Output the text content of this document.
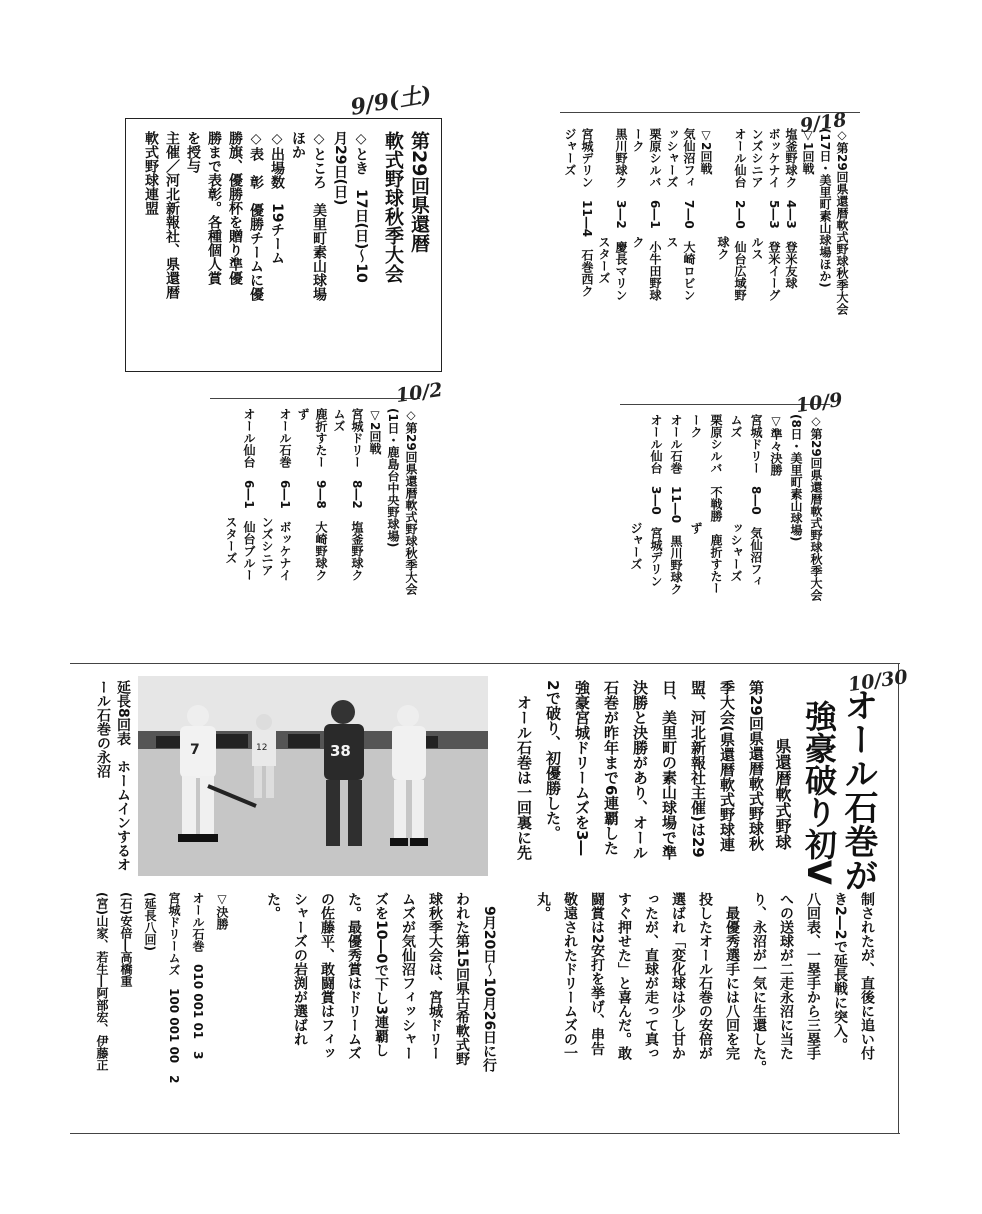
9/9(土)
第29回県還暦
軟式野球秋季大会
◇とき　17日(日)〜10
月29日(日)
◇ところ　美里町素山球場
ほか
◇出場数　19チーム
◇表　彰　優勝チームに優
勝旗、優勝杯を贈り準優
勝まで表彰。各種個人賞
を授与
主催／河北新報社、県還暦
軟式野球連盟
9/18
◇第29回県還暦軟式野球秋季大会
(17日・美里町素山球場ほか)
▽1回戦
塩釜野球ク　4―3　登米友球
ボッケナイ　5―3　登米イーグ
ンズシニア　　　　ルス
オール仙台　2―0　仙台広域野
　　　　　　　　　球ク
▽2回戦
気仙沼フィ　7―0　大崎ロビン
ッシャーズ　　　　ス
栗原シルバ　6―1　小牛田野球
ーク　　　　　　　ク
黒川野球ク　3―2　慶長マリン
　　　　　　　　　スターズ
宮城デリン　11―4　石巻西ク
ジャーズ
10/2
◇第29回県還暦軟式野球秋季大会
(1日・鹿島台中央野球場)
▽2回戦
宮城ドリー　8―2　塩釜野球ク
ムズ
鹿折すたー　9―8　大崎野球ク
ず
オール石巻　6―1　ボッケナイ
　　　　　　　　　ンズシニア
オール仙台　6―1　仙台ブルー
　　　　　　　　　スターズ
10/9
◇第29回県還暦軟式野球秋季大会
(8日・美里町素山球場)
▽準々決勝
宮城ドリー　8―0　気仙沼フィ
ムズ　　　　　　　ッシャーズ
栗原シルバ　不戦勝　鹿折すたー
ーク　　　　　　　ず
オール石巻　11―0　黒川野球ク
オール仙台　3―0　宮城デリン
　　　　　　　　　ジャーズ
10/30
オール石巻が
強豪破り初V
県還暦軟式野球
第29回県還暦軟式野球秋
季大会(県還暦軟式野球連
盟、河北新報社主催)は29
日、美里町の素山球場で準
決勝と決勝があり、オール
石巻が昨年まで6連覇した
強豪宮城ドリームズを3―
2で破り、初優勝した。
　オール石巻は一回裏に先
7	12	38
延長8回表　ホームインするオ
ール石巻の永沼
制されたが、直後に追い付
き2―2で延長戦に突入。
八回表、一塁手から三塁手
への送球が二走永沼に当た
り、永沼が一気に生還した。
　最優秀選手には八回を完
投したオール石巻の安倍が
選ばれ「変化球は少し甘か
ったが、直球が走って真っ
すぐ押せた」と喜んだ。敢
闘賞は2安打を挙げ、串告
敬遠されたドリームズの一
丸。
　9月20日〜10月26日に行
われた第15回県古希軟式野
球秋季大会は、宮城ドリー
ムズが気仙沼フィッシャー
ズを10―0で下し3連覇し
た。最優秀賞はドリームズ
の佐藤平、敢闘賞はフィッ
シャーズの岩渕が選ばれ
た。
▽決勝
オール石巻　010 001 01　3
宮城ドリームズ　100 001 00　2
(延長八回)
(石)安倍―高橋重
(宮)山家、若生―阿部宏、伊藤正
